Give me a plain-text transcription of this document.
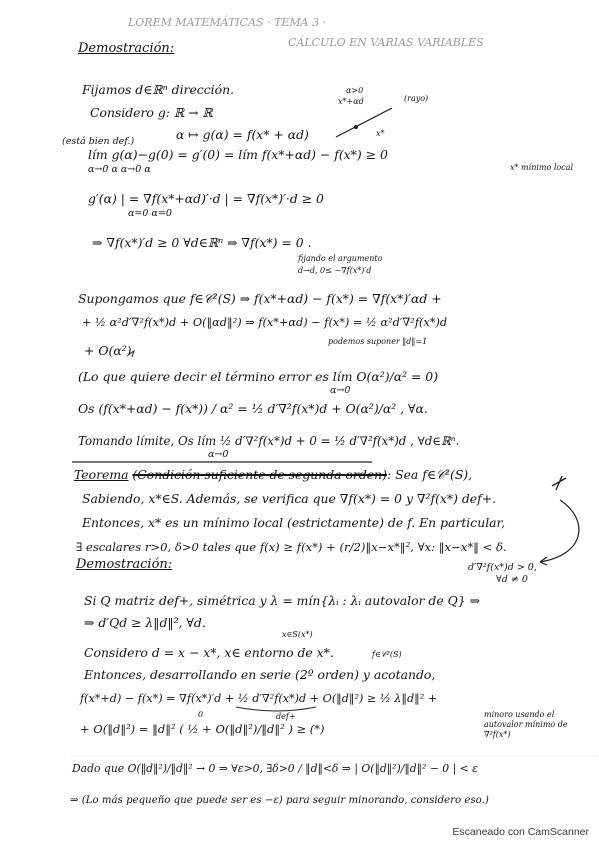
LOREM MATEMÁTICAS · TEMA 3 ·
CÁLCULO EN VARIAS VARIABLES
Demostración:
Fijamos d∈ℝⁿ dirección.	α>0
x*+αd	(rayo)
x*
Considero g: ℝ → ℝ
(está bien def.)	α ↦ g(α) = f(x* + αd)
lím g(α)−g(0) = g′(0) = lím f(x*+αd) − f(x*) ≥ 0
α→0 α α→0 α	x* mínimo local
g′(α) | = ∇f(x*+αd)′·d | = ∇f(x*)′·d ≥ 0
α=0 α=0
⇒ ∇f(x*)′d ≥ 0 ∀d∈ℝⁿ ⇒ ∇f(x*) = 0 .
fijando el argumento
d→d, 0≤ −∇f(x*)′d
Supongamos que f∈𝒞²(S) ⇒ f(x*+αd) − f(x*) = ∇f(x*)′αd +
+ ½ α²d′∇²f(x*)d + O(‖αd‖²) ⇒ f(x*+αd) − f(x*) = ½ α²d′∇²f(x*)d
podemos suponer ‖d‖=1
+ O(α²)
(Lo que quiere decir el término error es lím O(α²)/α² = 0)
α→0
Os (f(x*+αd) − f(x*)) / α² = ½ d′∇²f(x*)d + O(α²)/α² , ∀α.
Tomando límite, Os lím ½ d′∇²f(x*)d + 0 = ½ d′∇²f(x*)d , ∀d∈ℝⁿ.
α→0
Teorema (Condición suficiente de segunda orden): Sea f∈𝒞²(S),
Sabiendo, x*∈S. Además, se verifica que ∇f(x*) = 0 y ∇²f(x*) def+.
Entonces, x* es un mínimo local (estrictamente) de f. En particular,
∃ escalares r>0, δ>0 tales que f(x) ≥ f(x*) + (r/2)‖x−x*‖², ∀x: ‖x−x*‖ < δ.
d′∇²f(x*)d > 0,
∀d ≠ 0
Demostración:
Si Q matriz def+, simétrica y λ = mín{λᵢ : λᵢ autovalor de Q} ⇒
⇒ d′Qd ≥ λ‖d‖², ∀d.
x∈S(x*)
Considero d = x − x*, x∈ entorno de x*.	f∈𝒞²(S)
Entonces, desarrollando en serie (2º orden) y acotando,
f(x*+d) − f(x*) = ∇f(x*)′d + ½ d′∇²f(x*)d + O(‖d‖²) ≥ ½ λ‖d‖² +
0	def+	minoro usando el autovalor mínimo de ∇²f(x*)
+ O(‖d‖²) = ‖d‖² ( ½ + O(‖d‖²)/‖d‖² ) ≥ (*)
Dado que O(‖d‖²)/‖d‖² → 0 ⇒ ∀ε>0, ∃δ>0 / ‖d‖<δ ⇒ | O(‖d‖²)/‖d‖² − 0 | < ε
⇒ (Lo más pequeño que puede ser es −ε) para seguir minorando, considero eso.)
Escaneado con CamScanner
